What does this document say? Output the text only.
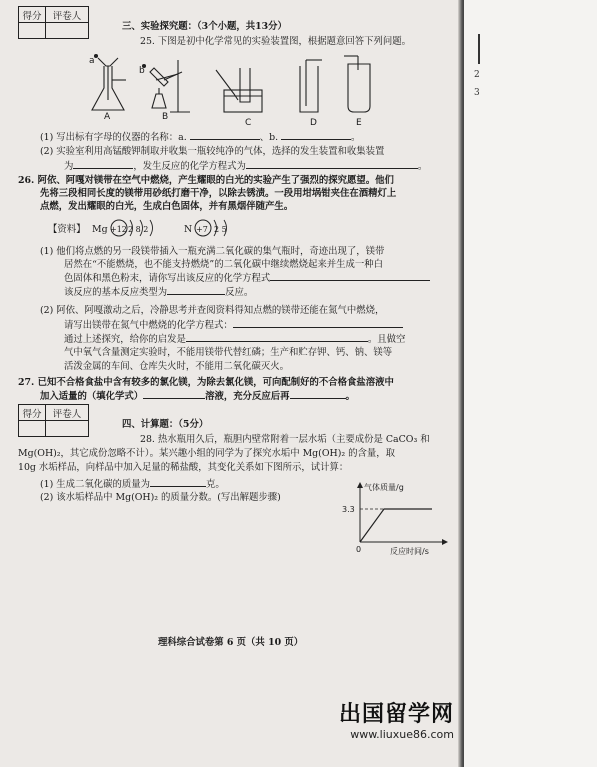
得分	评卷人

三、实验探究题：（3个小题，共13分）
25. 下图是初中化学常见的实验装置图，根据题意回答下列问题。
a
b
A	B
C	D	E
(1) 写出标有字母的仪器的名称：a.	、b.	。
(2) 实验室利用高锰酸钾制取并收集一瓶较纯净的气体，选择的发生装置和收集装置
为	，发生反应的化学方程式为	。
26. 阿依、阿嘎对镁带在空气中燃烧，产生耀眼的白光的实验产生了强烈的探究愿望。他们
先将三段相同长度的镁带用砂纸打磨干净，以除去锈渍。一段用坩埚钳夹住在酒精灯上
点燃，发出耀眼的白光，生成白色固体，并有黑烟伴随产生。
【资料】 Mg +12 2 8 2	N +7 2 5
(1) 他们将点燃的另一段镁带插入一瓶充满二氧化碳的集气瓶时，奇迹出现了，镁带
居然在“不能燃烧，也不能支持燃烧”的二氧化碳中继续燃烧起来并生成一种白
色固体和黑色粉末，请你写出该反应的化学方程式
该反应的基本反应类型为	反应。
(2) 阿依、阿嘎激动之后，冷静思考并查阅资料得知点燃的镁带还能在氮气中燃烧，
请写出镁带在氮气中燃烧的化学方程式：
通过上述探究，给你的启发是	。且做空
气中氧气含量测定实验时，不能用镁带代替红磷；生产和贮存钾、钙、钠、镁等
活泼金属的车间、仓库失火时，不能用二氧化碳灭火。
27. 已知不合格食盐中含有较多的氯化镁，为除去氯化镁，可向配制好的不合格食盐溶液中
加入适量的（填化学式）	溶液，充分反应后再	。
得分	评卷人

四、计算题：（5分）
28. 热水瓶用久后，瓶胆内壁常附着一层水垢（主要成份是 CaCO₃ 和
Mg(OH)₂，其它成份忽略不计）。某兴趣小组的同学为了探究水垢中 Mg(OH)₂ 的含量，取
10g 水垢样品，向样品中加入足量的稀盐酸，其变化关系如下图所示，试计算：
(1) 生成二氧化碳的质量为	克。
(2) 该水垢样品中 Mg(OH)₂ 的质量分数。(写出解题步骤)
气体质量/g
3.3
0	反应时间/s
理科综合试卷第 6 页（共 10 页）
出国留学网
www.liuxue86.com
2
3
